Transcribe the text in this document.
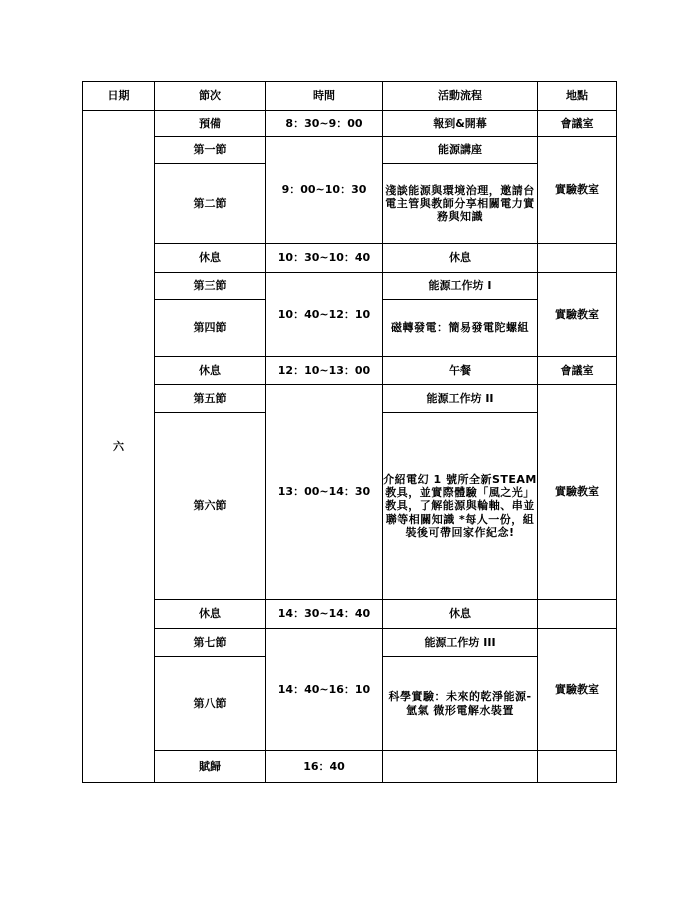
日期	節次	時間	活動流程	地點
六	預備	8：30~9：00	報到&開幕	會議室
	第一節	9：00~10：30	能源講座	實驗教室
	第二節		淺談能源與環境治理，邀請台電主管與教師分享相關電力實務與知識	
	休息	10：30~10：40	休息	
	第三節	10：40~12：10	能源工作坊 I	實驗教室
	第四節		磁轉發電：簡易發電陀螺組	
	休息	12：10~13：00	午餐	會議室
	第五節	13：00~14：30	能源工作坊 II	實驗教室
	第六節		介紹電幻 1 號所全新STEAM教具，並實際體驗「風之光」教具，了解能源與輪軸、串並聯等相關知識 *每人一份，組裝後可帶回家作紀念!	
	休息	14：30~14：40	休息	
	第七節	14：40~16：10	能源工作坊 III	實驗教室
	第八節		科學實驗：未來的乾淨能源-氫氣 微形電解水裝置	
	賦歸	16：40		
